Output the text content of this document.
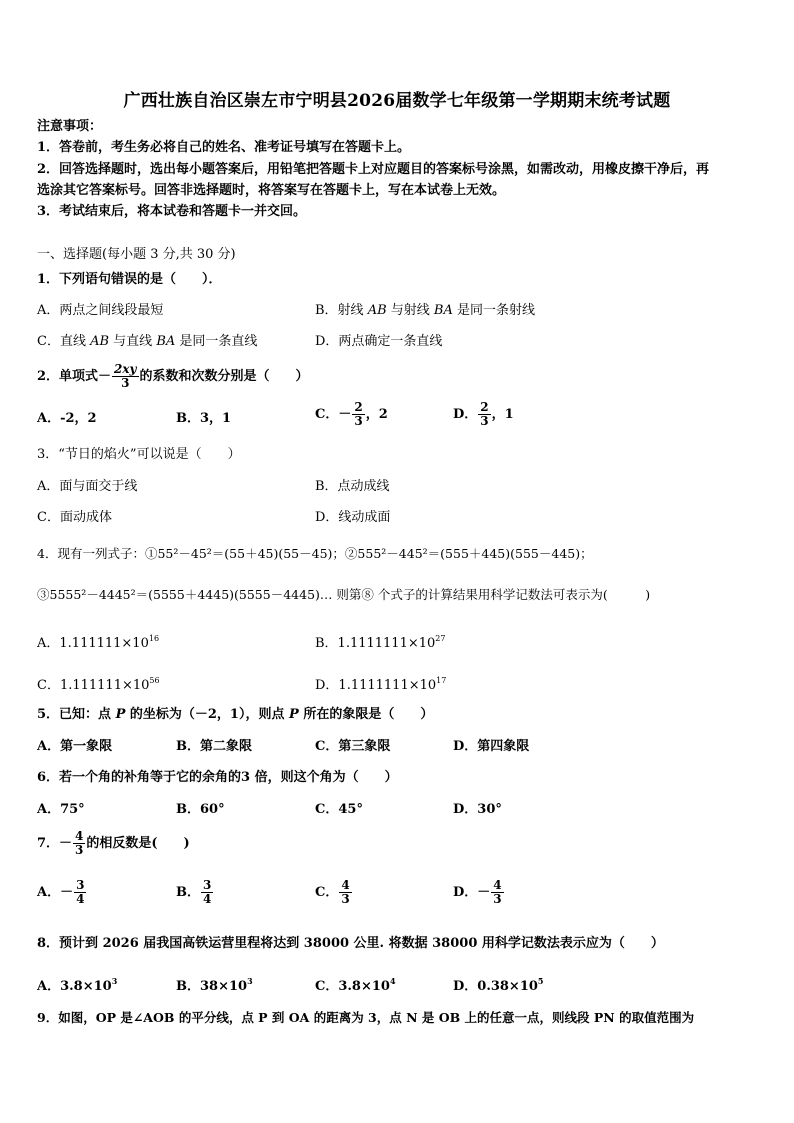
广西壮族自治区崇左市宁明县2026届数学七年级第一学期期末统考试题
注意事项：
1．答卷前，考生务必将自己的姓名、准考证号填写在答题卡上。
2．回答选择题时，选出每小题答案后，用铅笔把答题卡上对应题目的答案标号涂黑，如需改动，用橡皮擦干净后，再
选涂其它答案标号。回答非选择题时，将答案写在答题卡上，写在本试卷上无效。
3．考试结束后，将本试卷和答题卡一并交回。
一、选择题(每小题 3 分,共 30 分)
1．下列语句错误的是（　　）．
A．两点之间线段最短	B．射线 AB 与射线 BA 是同一条射线
C．直线 AB 与直线 BA 是同一条直线	D．两点确定一条直线
2．单项式－ $\frac{2xy}{3}$ 的系数和次数分别是（　　）
A．-2，2	B．3，1	C．－ $\frac{2}{3}$ ，2	D． $\frac{2}{3}$ ，1
3．“节日的焰火”可以说是（　　）
A．面与面交于线	B．点动成线
C．面动成体	D．线动成面
4．现有一列式子：①55²－45²＝(55＋45)(55－45)；②555²－445²＝(555＋445)(555－445)；
③5555²－4445²＝(5555＋4445)(5555－4445)… 则第⑧ 个式子的计算结果用科学记数法可表示为(　　　)
A．$1.111111\times 10^{16}$	B．$1.1111111\times 10^{27}$
C．$1.111111\times 10^{56}$	D．$1.1111111\times 10^{17}$
5．已知：点 P 的坐标为（－2，1），则点 P 所在的象限是（　　）
A．第一象限	B．第二象限	C．第三象限	D．第四象限
6．若一个角的补角等于它的余角的3 倍，则这个角为（　　）
A．75°	B．60°	C．45°	D．30°
7．－ $\frac{4}{3}$ 的相反数是(　　)
A．－ $\frac{3}{4}$	B． $\frac{3}{4}$	C． $\frac{4}{3}$	D．－ $\frac{4}{3}$
8．预计到 2026 届我国高铁运营里程将达到 38000 公里. 将数据 38000 用科学记数法表示应为（　　）
A．$3.8\times 10^3$	B．$38\times 10^3$	C．$3.8\times 10^4$	D．$0.38\times 10^5$
9．如图，OP 是∠AOB 的平分线，点 P 到 OA 的距离为 3，点 N 是 OB 上的任意一点，则线段 PN 的取值范围为
